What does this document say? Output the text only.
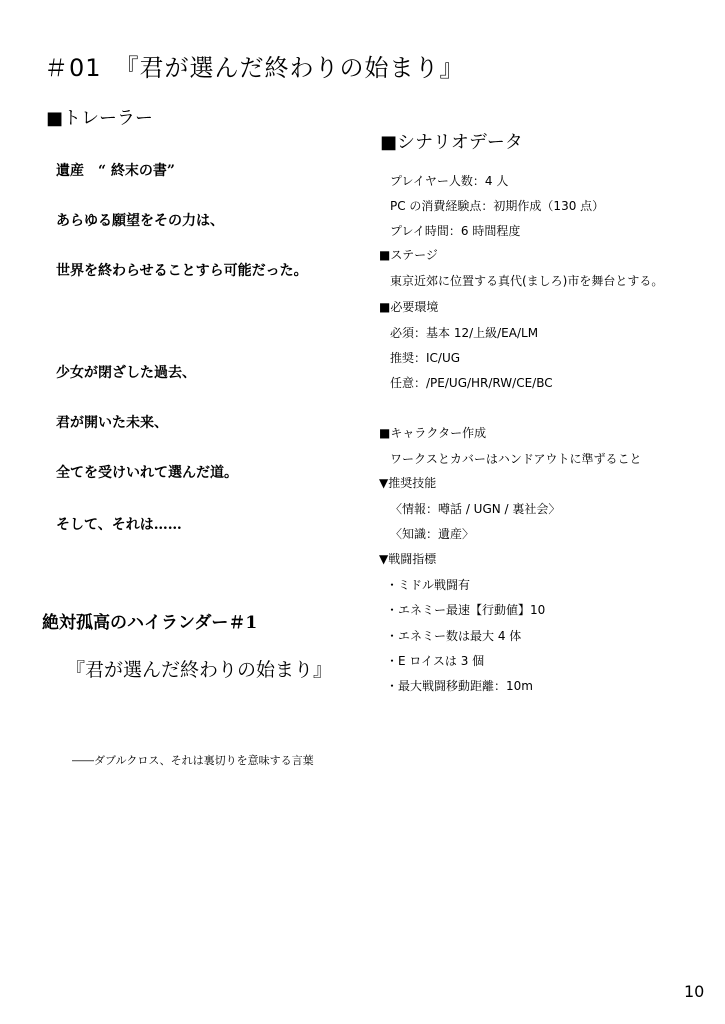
＃01　『君が選んだ終わりの始まり』
■トレーラー
遺産　“ 終末の書”
あらゆる願望をその力は、
世界を終わらせることすら可能だった。
少女が閉ざした過去、
君が開いた未来、
全てを受けいれて選んだ道。
そして、それは……
絶対孤高のハイランダー＃1
『君が選んだ終わりの始まり』
――ダブルクロス、それは裏切りを意味する言葉
■シナリオデータ
プレイヤー人数：4 人
PC の消費経験点：初期作成（130 点）
プレイ時間：6 時間程度
■ステージ
東京近郊に位置する真代(ましろ)市を舞台とする。
■必要環境
必須：基本 12/上級/EA/LM
推奨：IC/UG
任意：/PE/UG/HR/RW/CE/BC
■キャラクター作成
ワークスとカバーはハンドアウトに準ずること
▼推奨技能
〈情報：噂話 / UGN / 裏社会〉
〈知識：遺産〉
▼戦闘指標
・ミドル戦闘有
・エネミー最速【行動値】10
・エネミー数は最大 4 体
・E ロイスは 3 個
・最大戦闘移動距離：10m
10
